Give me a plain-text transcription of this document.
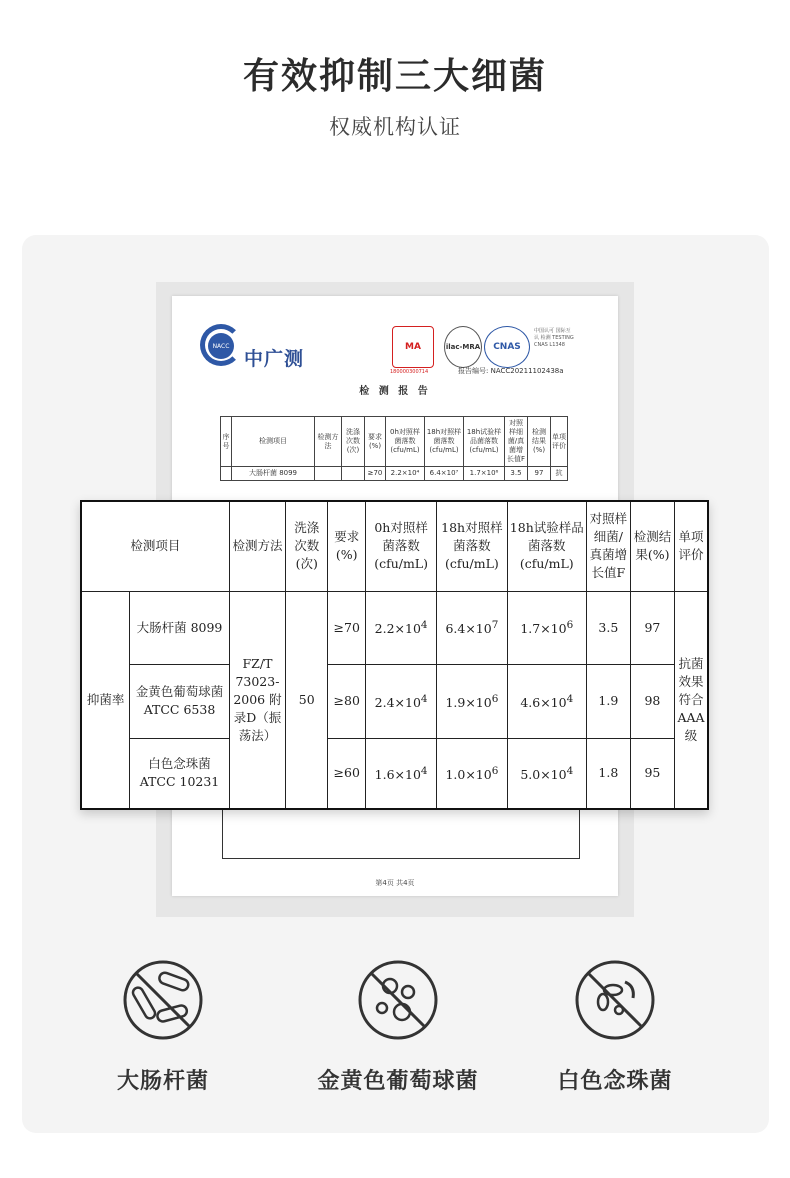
有效抑制三大细菌
权威机构认证
NACC
中广测
MA
180000300714
ilac-MRA	CNAS
中国认可 国际互认 检测 TESTING CNAS L1348
报告编号: NACC20211102438a
检 测 报 告
序号	检测项目	检测方法	洗涤次数(次)	要求(%)	0h对照样菌落数(cfu/mL)	18h对照样菌落数(cfu/mL)	18h试验样品菌落数(cfu/mL)	对照样细菌/真菌增长值F	检测结果(%)	单项评价
	大肠杆菌 8099			≥70	2.2×10⁴	6.4×10⁷	1.7×10⁶	3.5	97	抗
第4页 共4页
检测项目		检测方法	洗涤次数(次)	要求(%)	0h对照样菌落数(cfu/mL)	18h对照样菌落数(cfu/mL)	18h试验样品菌落数(cfu/mL)	对照样细菌/真菌增长值F	检测结果(%)	单项评价
抑菌率	大肠杆菌 8099	FZ/T 73023-2006 附录D（振荡法）	50	≥70	$2.2\times 10^4$	$6.4\times 10^7$	$1.7\times 10^6$	3.5	97	抗菌效果符合AAA级
	金黄色葡萄球菌 ATCC 6538			≥80	$2.4\times 10^4$	$1.9\times 10^6$	$4.6\times 10^4$	1.9	98	
	白色念珠菌 ATCC 10231			≥60	$1.6\times 10^4$	$1.0\times 10^6$	$5.0\times 10^4$	1.8	95	
大肠杆菌	金黄色葡萄球菌	白色念珠菌
